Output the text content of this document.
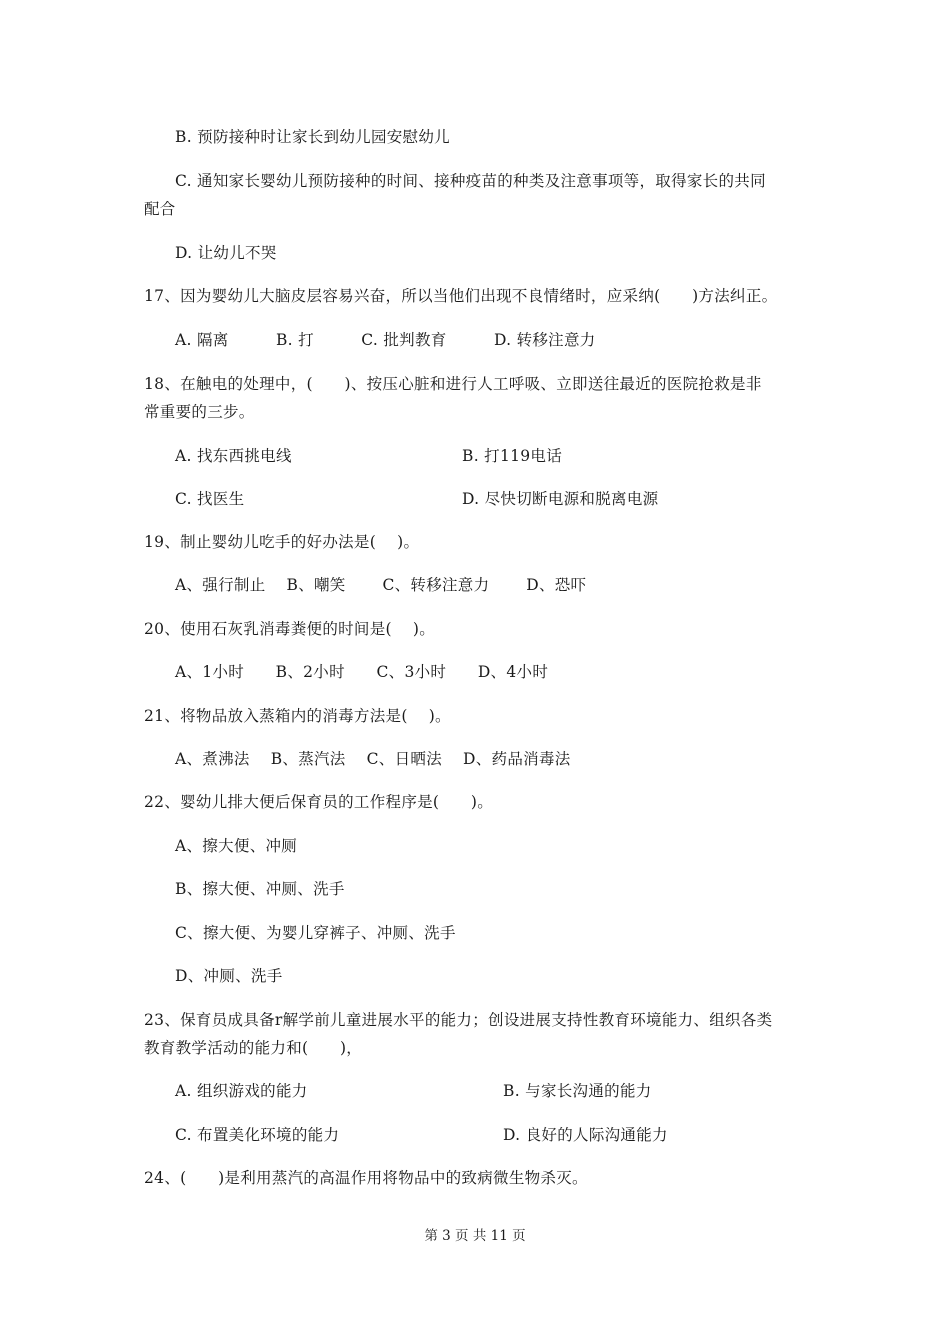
B. 预防接种时让家长到幼儿园安慰幼儿
C. 通知家长婴幼儿预防接种的时间、接种疫苗的种类及注意事项等，取得家长的共同
配合
D. 让幼儿不哭
17、因为婴幼儿大脑皮层容易兴奋，所以当他们出现不良情绪时，应采纳(　　)方法纠正。
A. 隔离　　　B. 打　　　C. 批判教育　　　D. 转移注意力
18、在触电的处理中，(　　)、按压心脏和进行人工呼吸、立即送往最近的医院抢救是非
常重要的三步。
A. 找东西挑电线	B. 打119电话
C. 找医生	D. 尽快切断电源和脱离电源
19、制止婴幼儿吃手的好办法是(　 )。
A、强行制止　 B、嘲笑　　 C、转移注意力　　 D、恐吓
20、使用石灰乳消毒粪便的时间是(　 )。
A、1小时　　B、2小时　　C、3小时　　D、4小时
21、将物品放入蒸箱内的消毒方法是(　 )。
A、煮沸法　 B、蒸汽法　 C、日晒法　 D、药品消毒法
22、婴幼儿排大便后保育员的工作程序是(　　)。
A、擦大便、冲厕
B、擦大便、冲厕、洗手
C、擦大便、为婴儿穿裤子、冲厕、洗手
D、冲厕、洗手
23、保育员成具备r解学前儿童进展水平的能力；创设进展支持性教育环境能力、组织各类
教育教学活动的能力和(　　)，
A. 组织游戏的能力	B. 与家长沟通的能力
C. 布置美化环境的能力	D. 良好的人际沟通能力
24、(　　)是利用蒸汽的高温作用将物品中的致病微生物杀灭。
第 3 页 共 11 页
